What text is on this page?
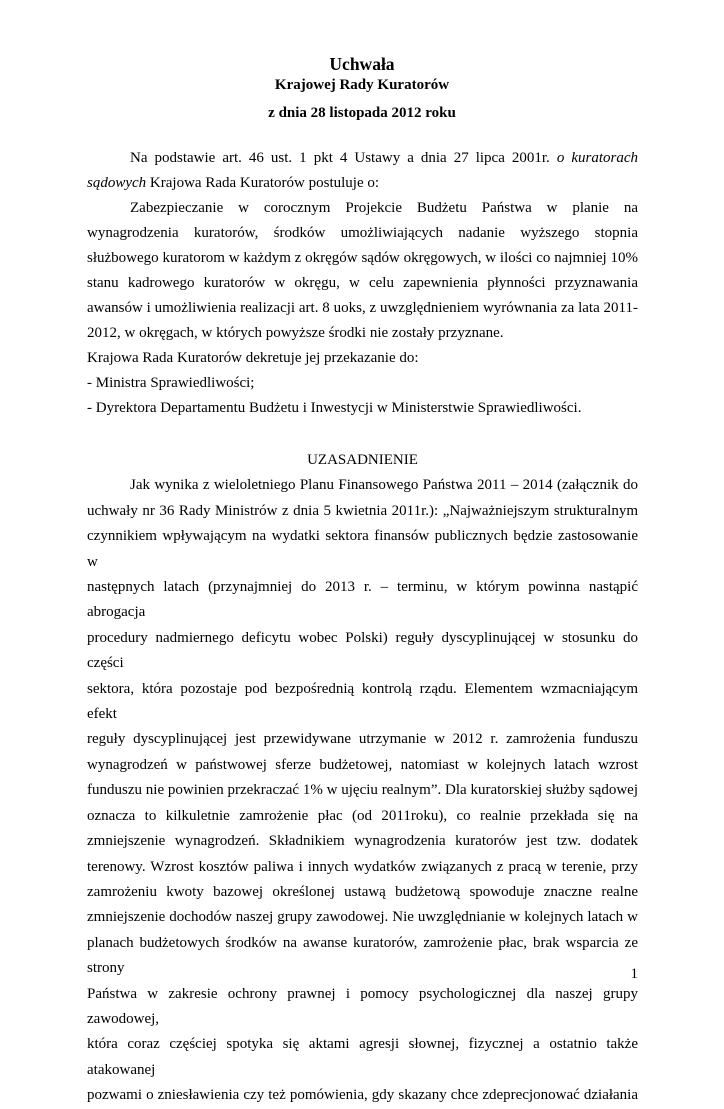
Uchwała
Krajowej Rady Kuratorów
z dnia 28 listopada 2012 roku

Na podstawie art. 46 ust. 1 pkt 4 Ustawy a dnia 27 lipca 2001r. o kuratorach sądowych Krajowa Rada Kuratorów postuluje o:

Zabezpieczanie w corocznym Projekcie Budżetu Państwa w planie na wynagrodzenia kuratorów, środków umożliwiających nadanie wyższego stopnia służbowego kuratorom w każdym z okręgów sądów okręgowych, w ilości co najmniej 10% stanu kadrowego kuratorów w okręgu, w celu zapewnienia płynności przyznawania awansów i umożliwienia realizacji art. 8 uoks, z uwzględnieniem wyrównania za lata 2011-2012, w okręgach, w których powyższe środki nie zostały przyznane.

Krajowa Rada Kuratorów dekretuje jej przekazanie do:

- Ministra Sprawiedliwości;

- Dyrektora Departamentu Budżetu i Inwestycji w Ministerstwie Sprawiedliwości.

UZASADNIENIE

Jak wynika z wieloletniego Planu Finansowego Państwa 2011 – 2014 (załącznik do
uchwały nr 36 Rady Ministrów z dnia 5 kwietnia 2011r.): „Najważniejszym strukturalnym
czynnikiem wpływającym na wydatki sektora finansów publicznych będzie zastosowanie w
następnych latach (przynajmniej do 2013 r. – terminu, w którym powinna nastąpić abrogacja
procedury nadmiernego deficytu wobec Polski) reguły dyscyplinującej w stosunku do części
sektora, która pozostaje pod bezpośrednią kontrolą rządu. Elementem wzmacniającym efekt
reguły dyscyplinującej jest przewidywane utrzymanie w 2012 r. zamrożenia funduszu
wynagrodzeń w państwowej sferze budżetowej, natomiast w kolejnych latach wzrost
funduszu nie powinien przekraczać 1% w ujęciu realnym”. Dla kuratorskiej służby sądowej
oznacza to kilkuletnie zamrożenie płac (od 2011roku), co realnie przekłada się na
zmniejszenie wynagrodzeń. Składnikiem wynagrodzenia kuratorów jest tzw. dodatek
terenowy. Wzrost kosztów paliwa i innych wydatków związanych z pracą w terenie, przy
zamrożeniu kwoty bazowej określonej ustawą budżetową spowoduje znaczne realne
zmniejszenie dochodów naszej grupy zawodowej. Nie uwzględnianie w kolejnych latach w
planach budżetowych środków na awanse kuratorów, zamrożenie płac, brak wsparcia ze strony
Państwa w zakresie ochrony prawnej i pomocy psychologicznej dla naszej grupy zawodowej,
która coraz częściej spotyka się aktami agresji słownej, fizycznej a ostatnio także atakowanej
pozwami o zniesławienia czy też pomówienia, gdy skazany chce zdeprecjonować działania
1
